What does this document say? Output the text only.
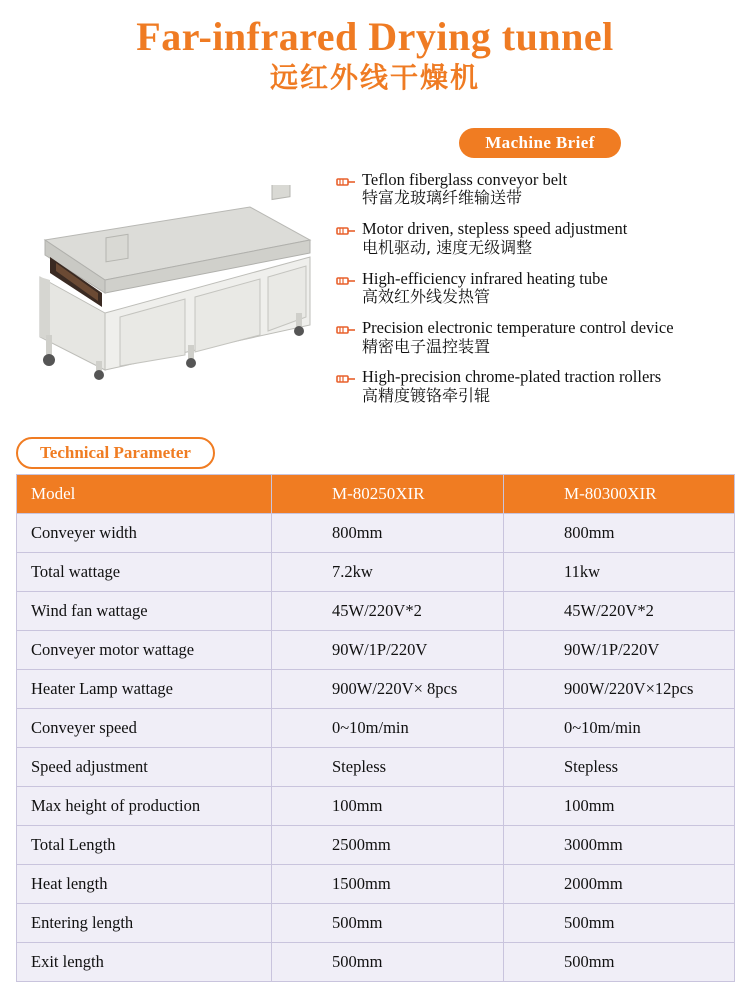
Far-infrared Drying tunnel
远红外线干燥机
Machine Brief
Teflon fiberglass conveyor belt
特富龙玻璃纤维输送带
Motor driven, stepless speed adjustment
电机驱动, 速度无级调整
High-efficiency infrared heating tube
高效红外线发热管
Precision electronic temperature control device
精密电子温控装置
High-precision chrome-plated traction rollers
高精度镀铬牵引辊
Technical Parameter
Model	M-80250XIR	M-80300XIR
Conveyer width	800mm	800mm
Total wattage	7.2kw	11kw
Wind fan wattage	45W/220V*2	45W/220V*2
Conveyer motor wattage	90W/1P/220V	90W/1P/220V
Heater Lamp wattage	900W/220V× 8pcs	900W/220V×12pcs
Conveyer speed	0~10m/min	0~10m/min
Speed adjustment	Stepless	Stepless
Max height of production	100mm	100mm
Total Length	2500mm	3000mm
Heat length	1500mm	2000mm
Entering length	500mm	500mm
Exit length	500mm	500mm
